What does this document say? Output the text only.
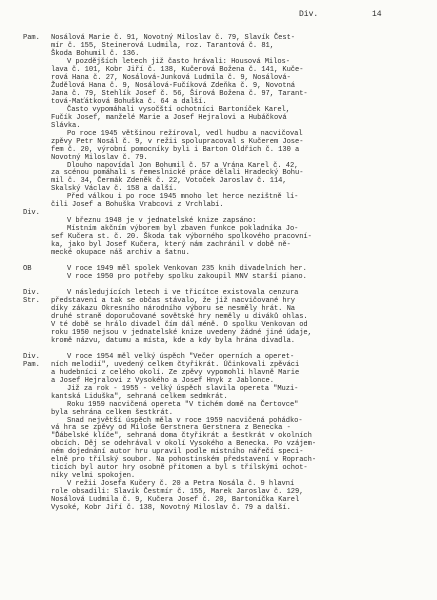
Div.	14
Pam. Nosálová Marie č. 91, Novotný Miloslav č. 79, Slavík Čest-
mír č. 155, Steinerová Ludmila, roz. Tarantová č. 81,
Škoda Bohumil č. 136.
V pozdějších letech již často hrávali: Housová Milos-
lava č. 101, Kobr Jiří č. 138, Kučerová Božena č. 141, Kuče-
rová Hana č. 27, Nosálová-Junková Ludmila č. 9, Nosálová-
Žudělová Hana č. 9, Nosálová-Fučíková Zdeňka č. 9, Novotná
Jana č. 79, Stehlík Josef č. 56, Šírová Božena č. 97, Tarant-
tová-Maťátková Bohuška č. 64 a další.
Často vypomáhali vysočští ochotníci Bartoníček Karel,
Fučík Josef, manželé Marie a Josef Hejralovi a Hubáčková
Slávka.
Po roce 1945 většinou režíroval, vedl hudbu a nacvičoval
zpěvy Petr Nosál č. 9, v režii spolupracoval s Kučerem Jose-
fem č. 20, výrobní pomocníky byli i Barton Oldřich č. 130 a
Novotný Miloslav č. 79.
Dlouho napovídal Jon Bohumil č. 57 a Vrána Karel č. 42,
za scénou pomáhali s řemeslnické práce dělali Hradecký Bohu-
mil č. 34, Čermák Zdeněk č. 22, Votoček Jaroslav č. 114,
Skalský Václav č. 158 a další.
Před válkou i po roce 1945 mnoho let herce nezištně lí-
čili Josef a Bohuška Vrabcovi z Vrchlabí.
Div.
V březnu 1948 je v jednatelské knize zapsáno:
Místním akčním výborem byl zbaven funkce pokladníka Jo-
sef Kučera st. č. 20. Škoda tak výborného spolkového pracovní-
ka, jako byl Josef Kučera, který nám zachránil v době ně-
mecké okupace náš archiv a šatnu.
OB	V roce 1949 měl spolek Venkovan 235 knih divadelních her.
V roce 1950 pro potřeby spolku zakoupil MNV starší piano.
Div.	V následujících letech i ve třicítce existovala cenzura
Str. představení a tak se občas stávalo, že již nacvičované hry
díky zákazu Okresního národního výboru se nesměly hrát. Na
druhé straně doporučované sovětské hry neměly u diváků ohlas.
V té době se hrálo divadel čím dál méně. O spolku Venkovan od
roku 1950 nejsou v jednatelské knize uvedeny žádné jiné údaje,
kromě názvu, datumu a místa, kde a kdy byla hrána divadla.
Div.	V roce 1954 měl velký úspěch "Večer operních a operet-
Pam. ních melodií", uvedený celkem čtyřikrát. Účinkovali zpěváci
a hudebníci z celého okolí. Ze zpěvy vypomohli hlavně Marie
a Josef Hejralovi z Vysokého a Josef Hnyk z Jablonce.
Již za rok - 1955 - velký úspěch slavila opereta "Muzi-
kantská Liduška", sehraná celkem sedmkrát.
Roku 1959 nacvičená opereta "V tichém domě na Čertovce"
byla sehrána celkem šestkrát.
Snad největší úspěch měla v roce 1959 nacvičená pohádko-
vá hra se zpěvy od Miloše Gerstnera Gerstnera z Benecka -
"Ďábelské klíče", sehraná doma čtyřikrát a šestkrát v okolních
obcích. Děj se odehrával v okolí Vysokého a Benecka. Po vzájem-
ném dojednání autor hru upravil podle místního nářečí speci-
elně pro třílský soubor. Na pohostinském představení v Roprach-
ticích byl autor hry osobně přítomen a byl s třílskými ochot-
níky velmi spokojen.
V režii Josefa Kučery č. 20 a Petra Nosála č. 9 hlavní
role obsadili: Slavík Čestmír č. 155, Marek Jaroslav č. 129,
Nosálová Ludmila č. 9, Kučera Josef č. 20, Bartoníčka Karel
Vysoké, Kobr Jiří č. 138, Novotný Miloslav č. 79 a další.
